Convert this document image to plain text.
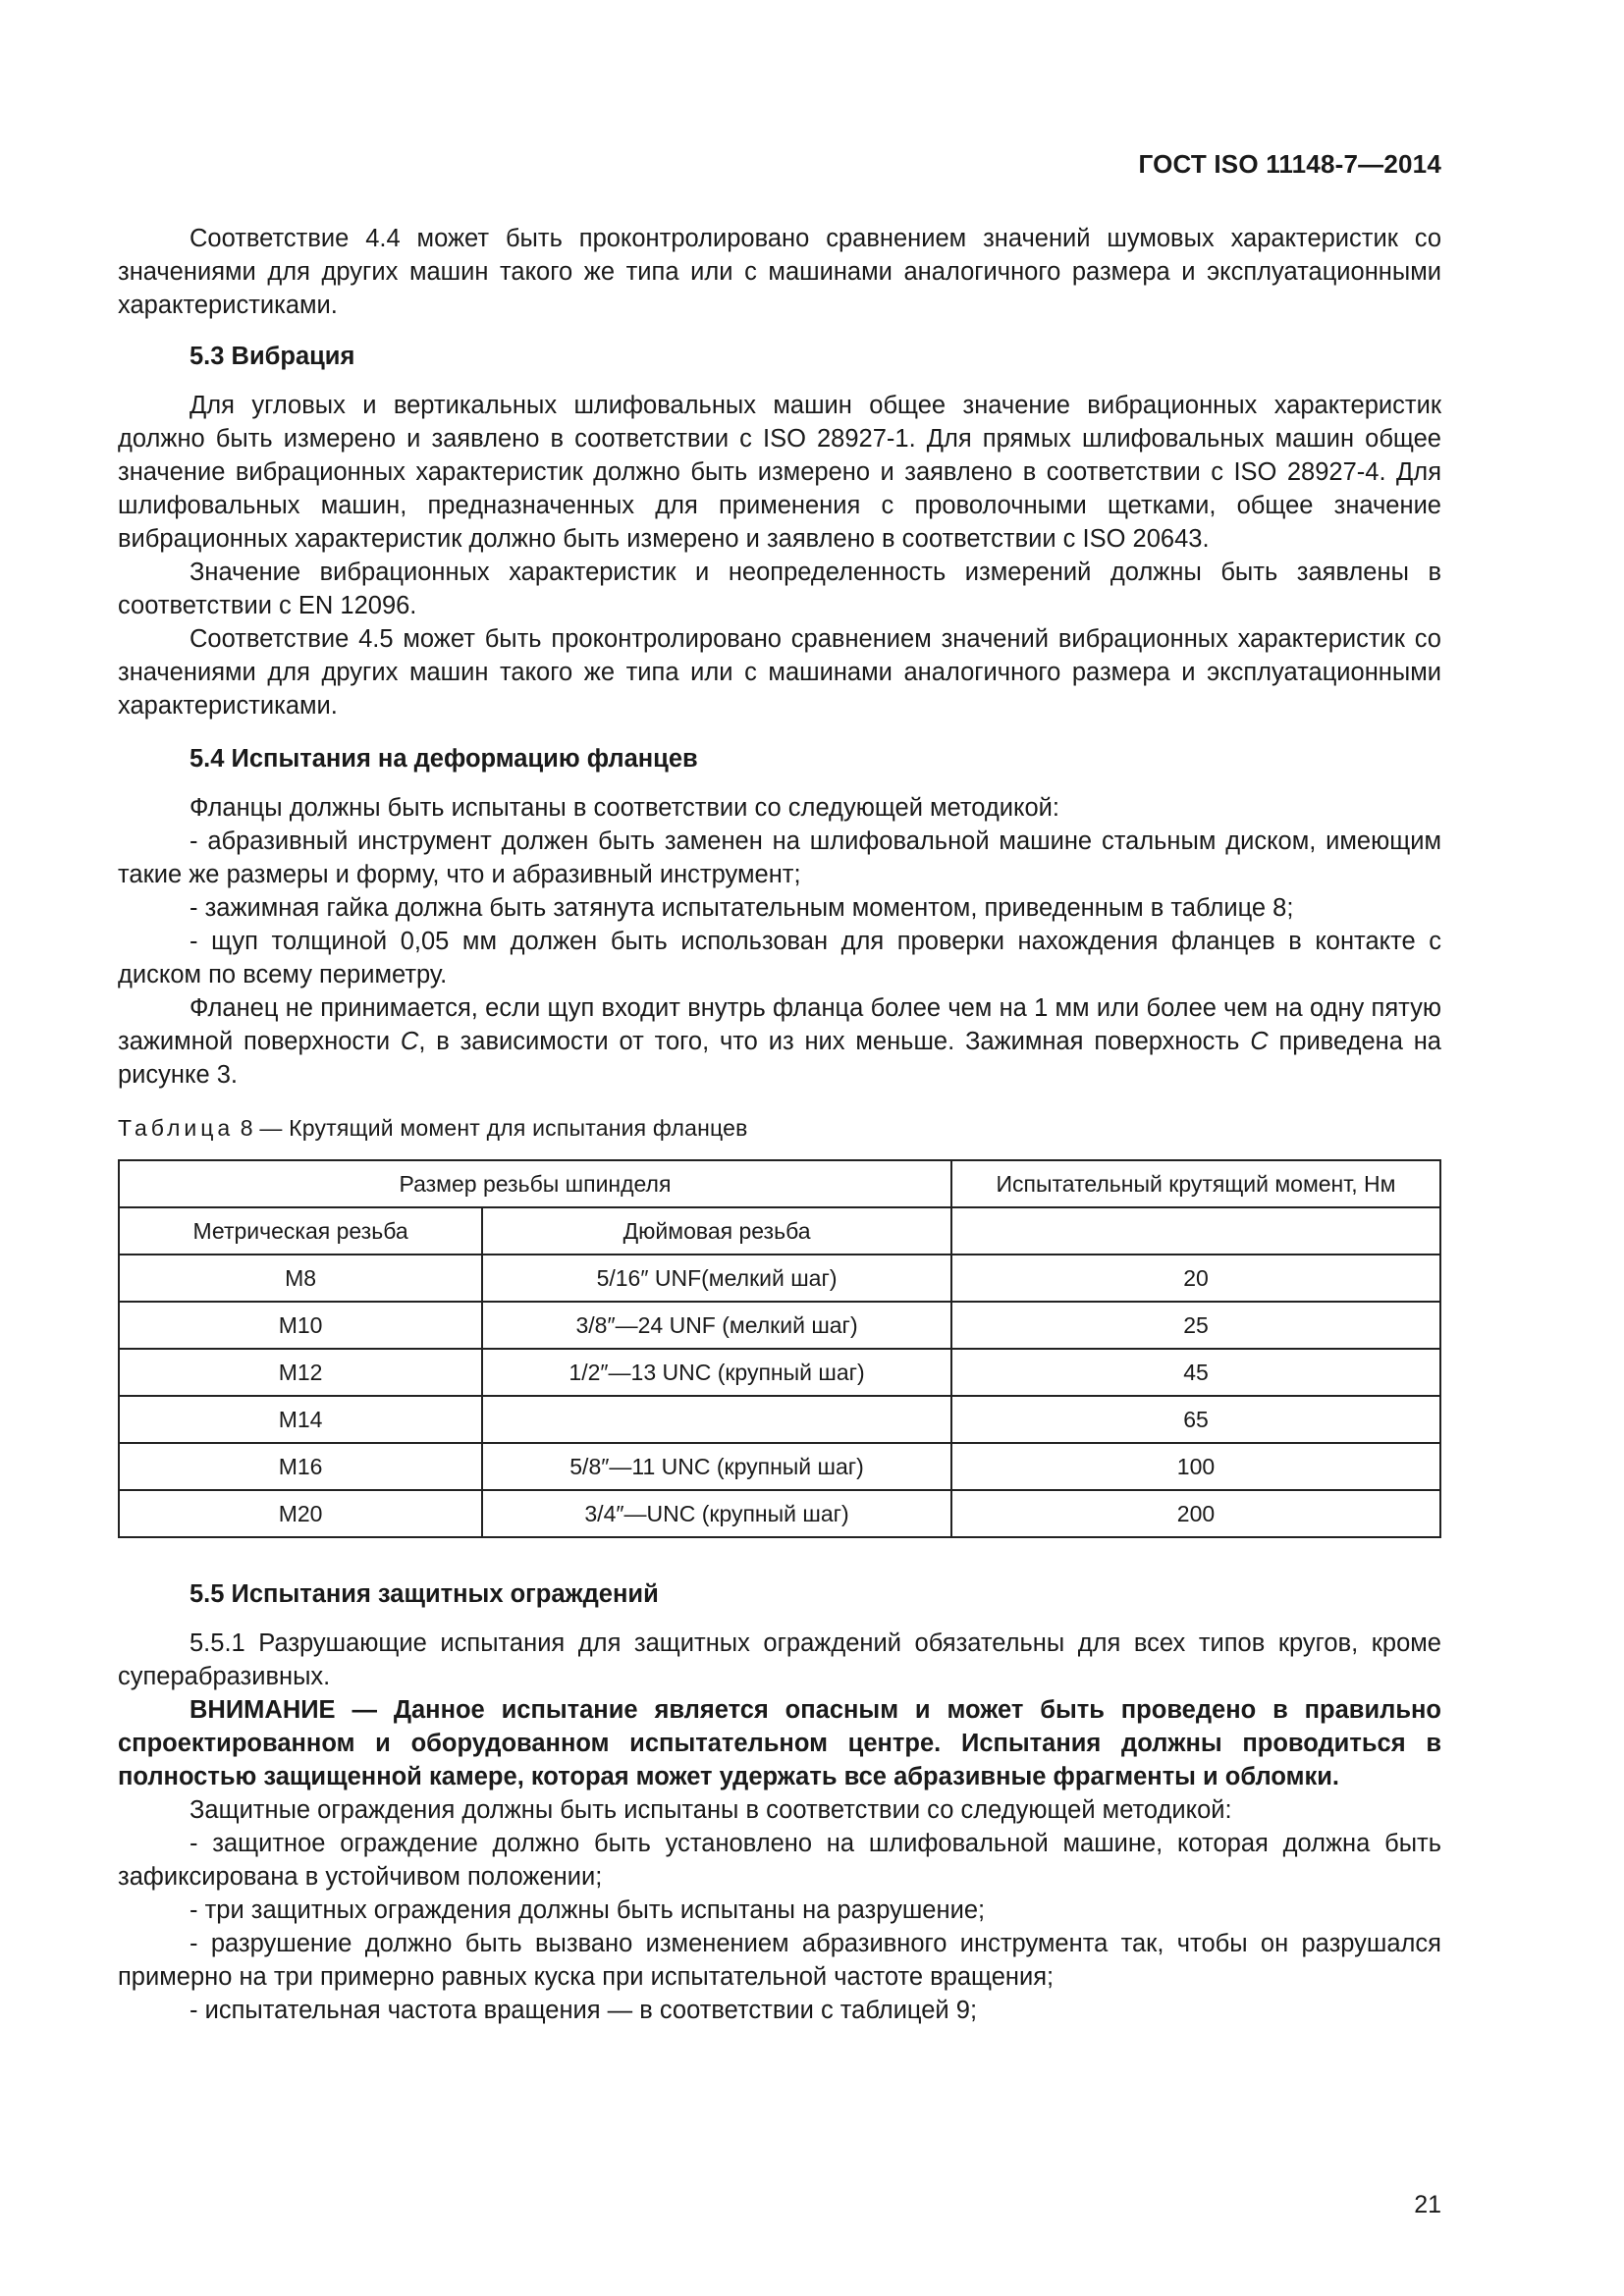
ГОСТ ISO 11148-7—2014

Соответствие 4.4 может быть проконтролировано сравнением значений шумовых характеристик со значениями для других машин такого же типа или с машинами аналогичного размера и эксплуатационными характеристиками.

5.3 Вибрация

Для угловых и вертикальных шлифовальных машин общее значение вибрационных характеристик должно быть измерено и заявлено в соответствии с ISO 28927-1. Для прямых шлифовальных машин общее значение вибрационных характеристик должно быть измерено и заявлено в соответствии с ISO 28927-4. Для шлифовальных машин, предназначенных для применения с проволочными щетками, общее значение вибрационных характеристик должно быть измерено и заявлено в соответствии с ISO 20643.

Значение вибрационных характеристик и неопределенность измерений должны быть заявлены в соответствии с EN 12096.

Соответствие 4.5 может быть проконтролировано сравнением значений вибрационных характеристик со значениями для других машин такого же типа или с машинами аналогичного размера и эксплуатационными характеристиками.

5.4 Испытания на деформацию фланцев

Фланцы должны быть испытаны в соответствии со следующей методикой:

- абразивный инструмент должен быть заменен на шлифовальной машине стальным диском, имеющим такие же размеры и форму, что и абразивный инструмент;

- зажимная гайка должна быть затянута испытательным моментом, приведенным в таблице 8;

- щуп толщиной 0,05 мм должен быть использован для проверки нахождения фланцев в контакте с диском по всему периметру.

Фланец не принимается, если щуп входит внутрь фланца более чем на 1 мм или более чем на одну пятую зажимной поверхности С, в зависимости от того, что из них меньше. Зажимная поверхность С приведена на рисунке 3.

Таблица 8 — Крутящий момент для испытания фланцев
Размер резьбы шпинделя		Испытательный крутящий момент, Нм
Метрическая резьба	Дюймовая резьба	
M8	5/16″ UNF(мелкий шаг)	20
M10	3/8″—24 UNF (мелкий шаг)	25
M12	1/2″—13 UNC (крупный шаг)	45
M14		65
M16	5/8″—11 UNC (крупный шаг)	100
M20	3/4″—UNC (крупный шаг)	200
5.5 Испытания защитных ограждений

5.5.1 Разрушающие испытания для защитных ограждений обязательны для всех типов кругов, кроме суперабразивных.

ВНИМАНИЕ — Данное испытание является опасным и может быть проведено в правильно спроектированном и оборудованном испытательном центре. Испытания должны проводиться в полностью защищенной камере, которая может удержать все абразивные фрагменты и обломки.

Защитные ограждения должны быть испытаны в соответствии со следующей методикой:

- защитное ограждение должно быть установлено на шлифовальной машине, которая должна быть зафиксирована в устойчивом положении;

- три защитных ограждения должны быть испытаны на разрушение;

- разрушение должно быть вызвано изменением абразивного инструмента так, чтобы он разрушался примерно на три примерно равных куска при испытательной частоте вращения;

- испытательная частота вращения — в соответствии с таблицей 9;

21
